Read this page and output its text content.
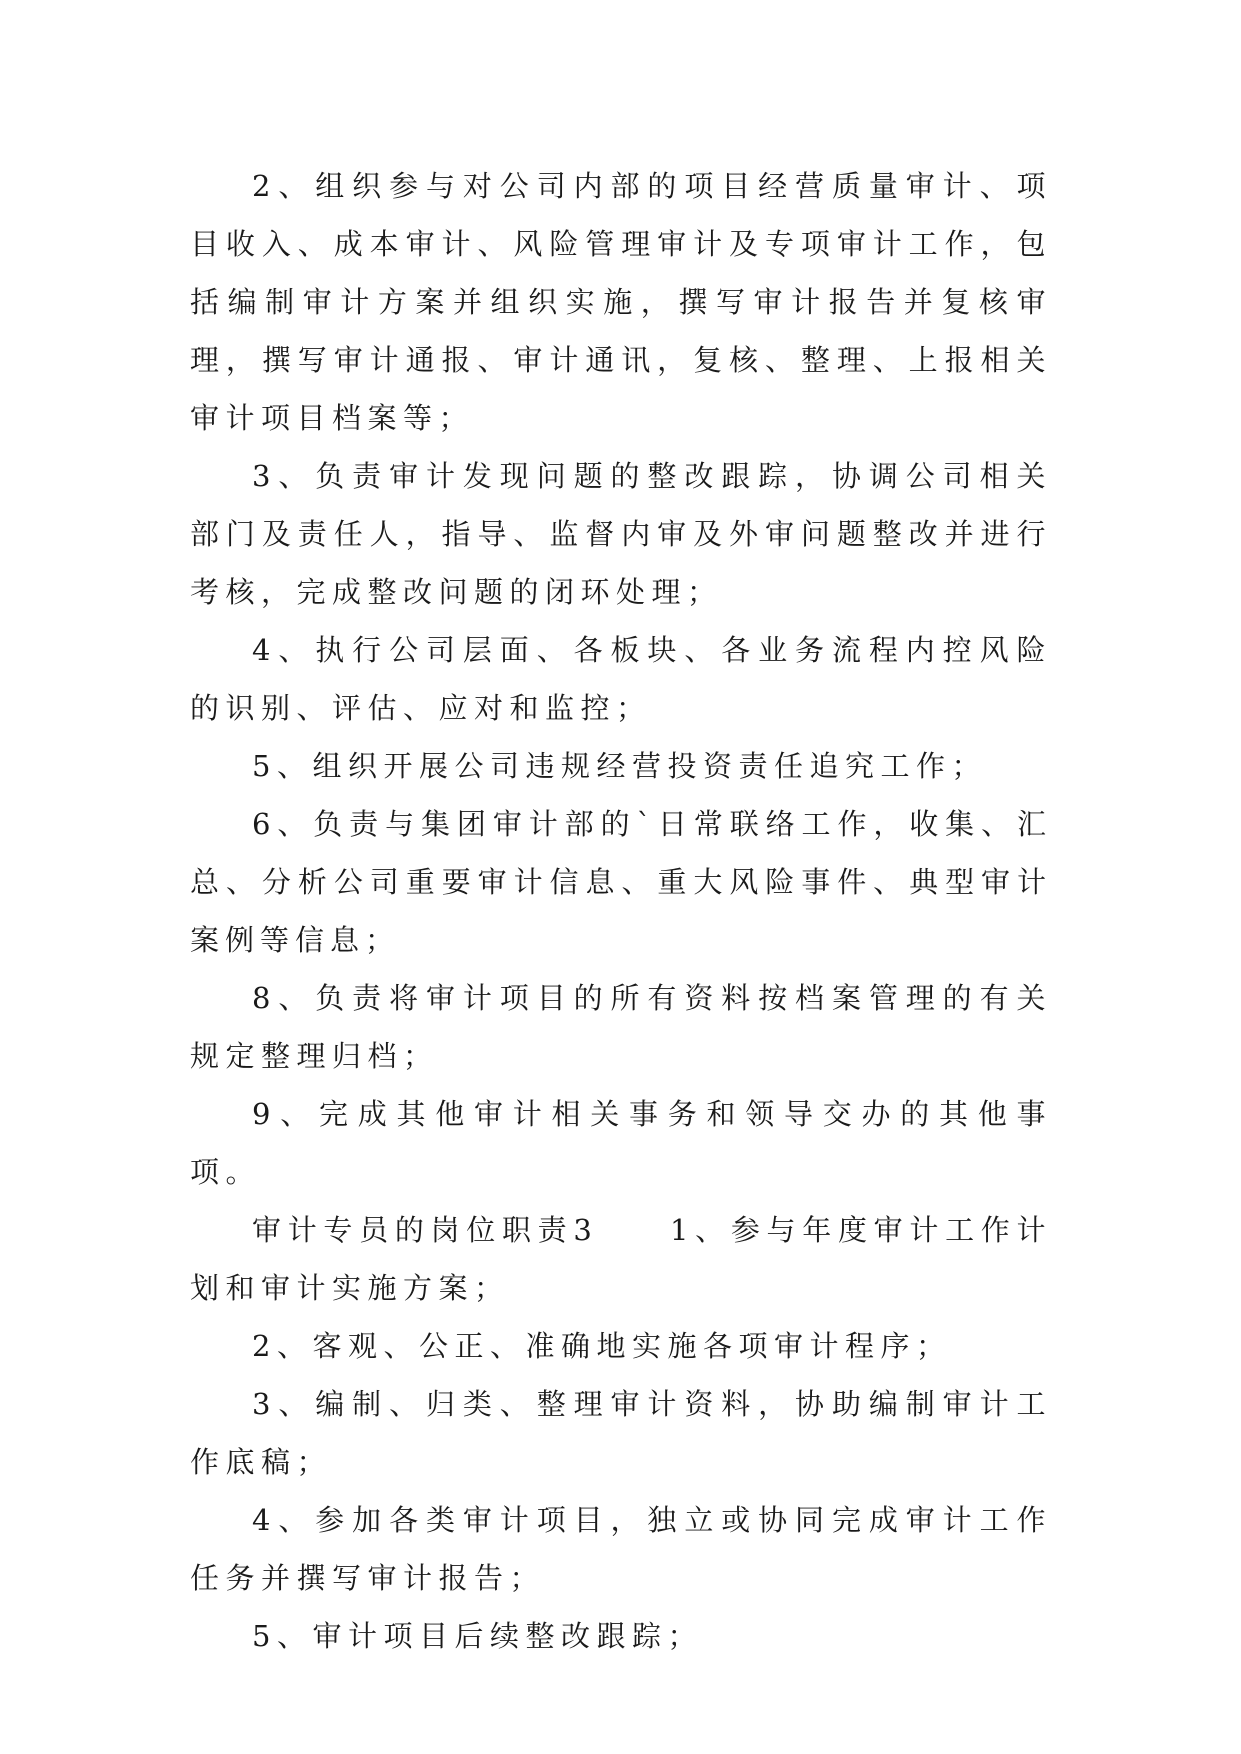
2、组织参与对公司内部的项目经营质量审计、项目收入、成本审计、风险管理审计及专项审计工作，包括编制审计方案并组织实施，撰写审计报告并复核审理，撰写审计通报、审计通讯，复核、整理、上报相关审计项目档案等；

3、负责审计发现问题的整改跟踪，协调公司相关部门及责任人，指导、监督内审及外审问题整改并进行考核，完成整改问题的闭环处理；

4、执行公司层面、各板块、各业务流程内控风险的识别、评估、应对和监控；

5、组织开展公司违规经营投资责任追究工作；

6、负责与集团审计部的`日常联络工作，收集、汇总、分析公司重要审计信息、重大风险事件、典型审计案例等信息；

8、负责将审计项目的所有资料按档案管理的有关规定整理归档；

9、完成其他审计相关事务和领导交办的其他事项。

审计专员的岗位职责3　　1、参与年度审计工作计划和审计实施方案；

2、客观、公正、准确地实施各项审计程序；

3、编制、归类、整理审计资料，协助编制审计工作底稿；

4、参加各类审计项目，独立或协同完成审计工作任务并撰写审计报告；

5、审计项目后续整改跟踪；
